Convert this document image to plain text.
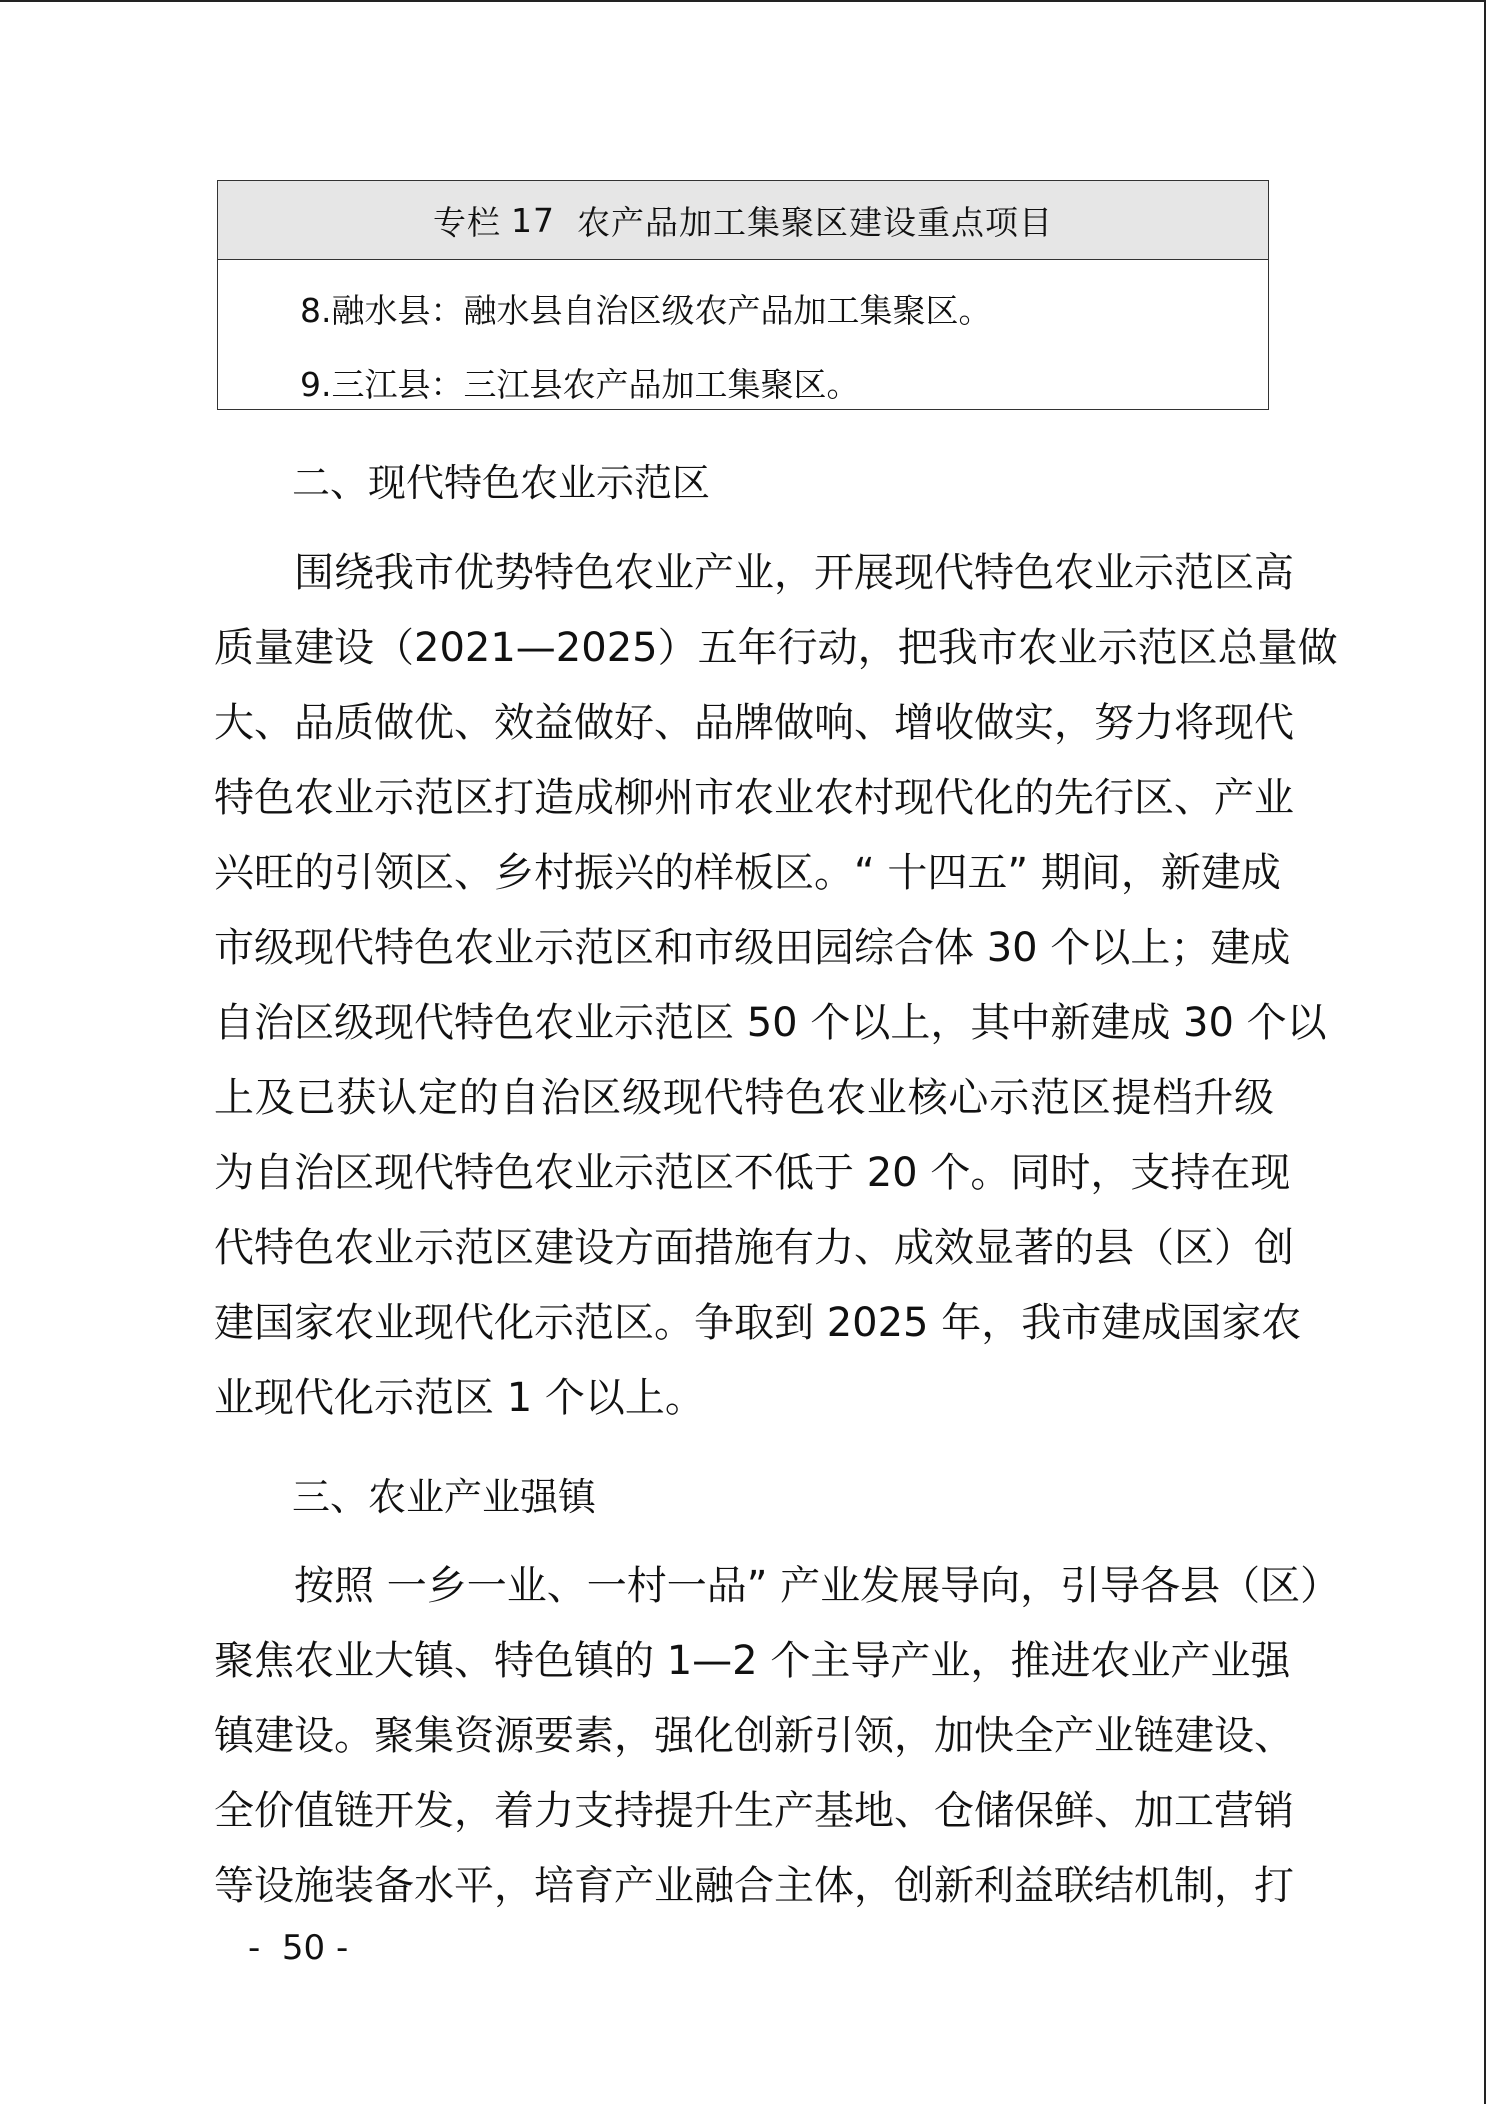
专栏 17 农产品加工集聚区建设重点项目
8.融水县：融水县自治区级农产品加工集聚区。
9.三江县：三江县农产品加工集聚区。
二、现代特色农业示范区
围绕我市优势特色农业产业，开展现代特色农业示范区高
质量建设（2021—2025）五年行动，把我市农业示范区总量做
大、品质做优、效益做好、品牌做响、增收做实，努力将现代
特色农业示范区打造成柳州市农业农村现代化的先行区、产业
兴旺的引领区、乡村振兴的样板区。“ 十四五” 期间，新建成
市级现代特色农业示范区和市级田园综合体 30 个以上；建成
自治区级现代特色农业示范区 50 个以上，其中新建成 30 个以
上及已获认定的自治区级现代特色农业核心示范区提档升级
为自治区现代特色农业示范区不低于 20 个。同时，支持在现
代特色农业示范区建设方面措施有力、成效显著的县（区）创
建国家农业现代化示范区。争取到 2025 年，我市建成国家农
业现代化示范区 1 个以上。
三、农业产业强镇
按照 一乡一业、一村一品” 产业发展导向，引导各县（区）
聚焦农业大镇、特色镇的 1—2 个主导产业，推进农业产业强
镇建设。聚集资源要素，强化创新引领，加快全产业链建设、
全价值链开发，着力支持提升生产基地、仓储保鲜、加工营销
等设施装备水平，培育产业融合主体，创新利益联结机制，打
-  50 -
